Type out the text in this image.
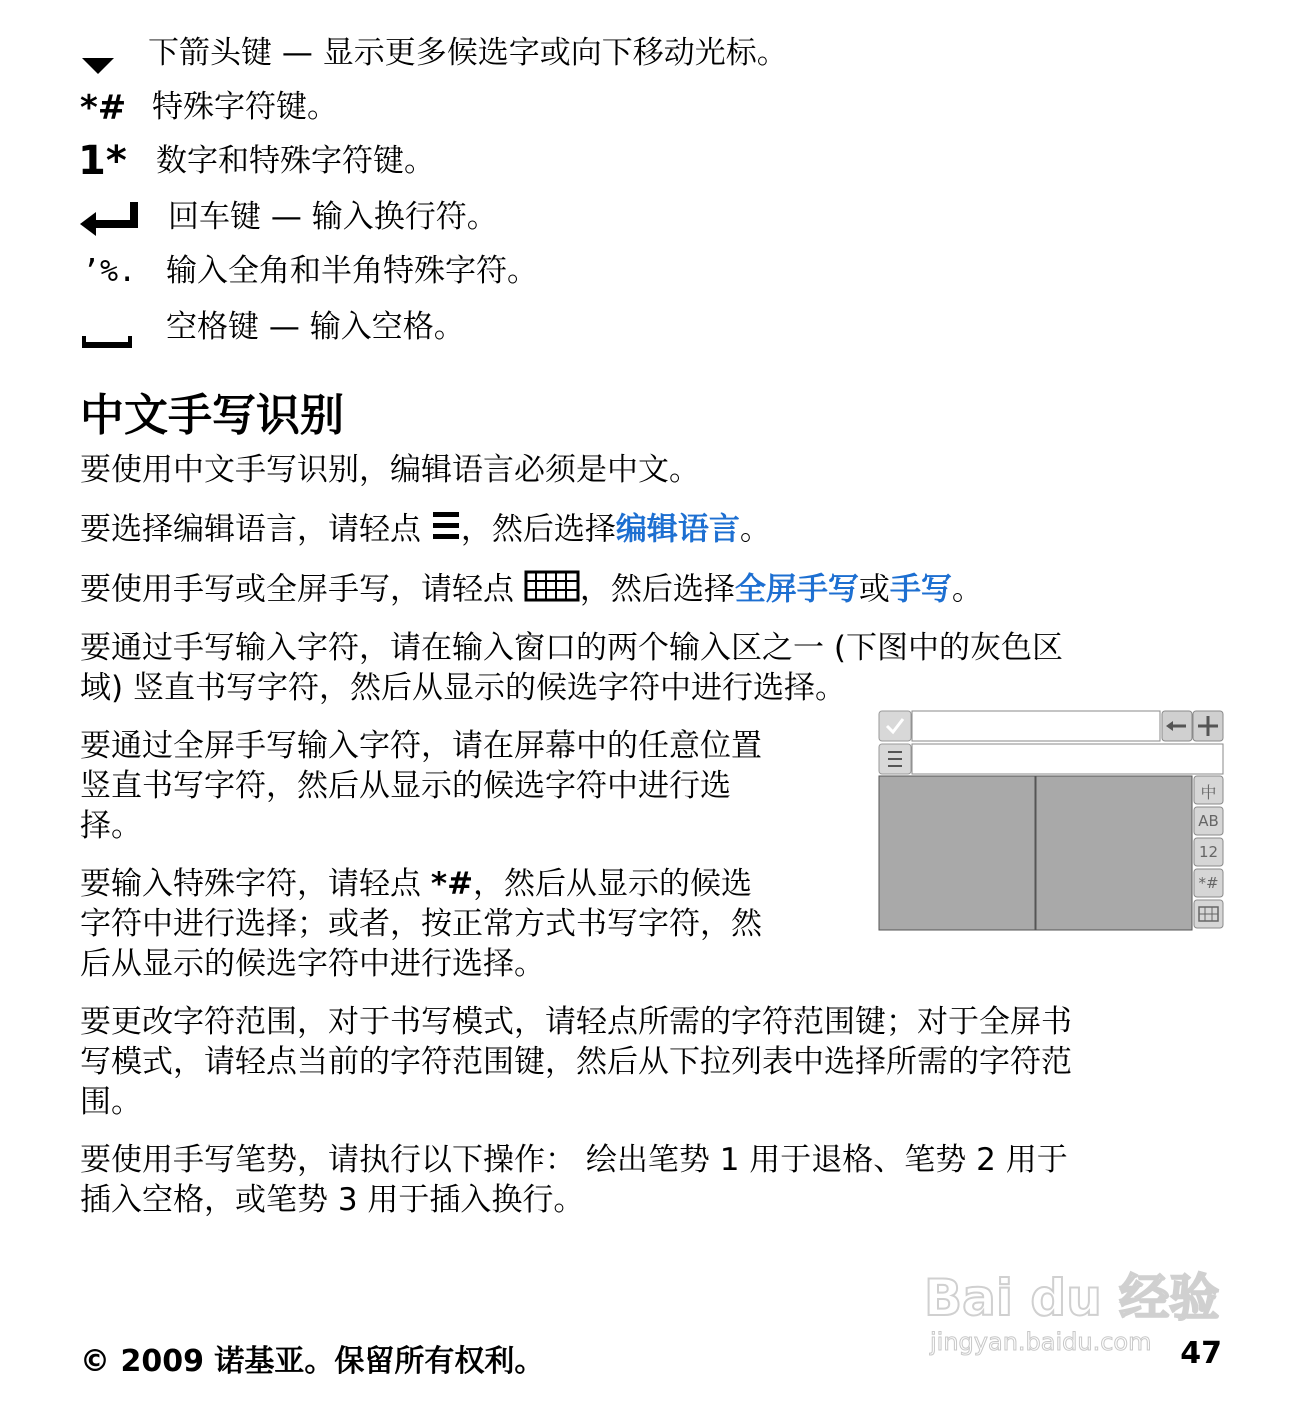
下箭头键 — 显示更多候选字或向下移动光标。
*# 特殊字符键。
1* 数字和特殊字符键。
回车键 — 输入换行符。
’%. 输入全角和半角特殊字符。
空格键 — 输入空格。
中文手写识别
要使用中文手写识别，编辑语言必须是中文。
要选择编辑语言，请轻点 ，然后选择编辑语言。
要使用手写或全屏手写，请轻点 ，然后选择全屏手写或手写。
要通过手写输入字符，请在输入窗口的两个输入区之一 (下图中的灰色区
域) 竖直书写字符，然后从显示的候选字符中进行选择。
要通过全屏手写输入字符，请在屏幕中的任意位置
竖直书写字符，然后从显示的候选字符中进行选
择。
要输入特殊字符，请轻点 *#，然后从显示的候选
字符中进行选择；或者，按正常方式书写字符，然
后从显示的候选字符中进行选择。
要更改字符范围，对于书写模式，请轻点所需的字符范围键；对于全屏书
写模式，请轻点当前的字符范围键，然后从下拉列表中选择所需的字符范
围。
要使用手写笔势，请执行以下操作： 绘出笔势 1 用于退格、笔势 2 用于
插入空格，或笔势 3 用于插入换行。
中
AB
12
*#
Bai du 经验
jingyan.baidu.com
© 2009 诺基亚。保留所有权利。	47
